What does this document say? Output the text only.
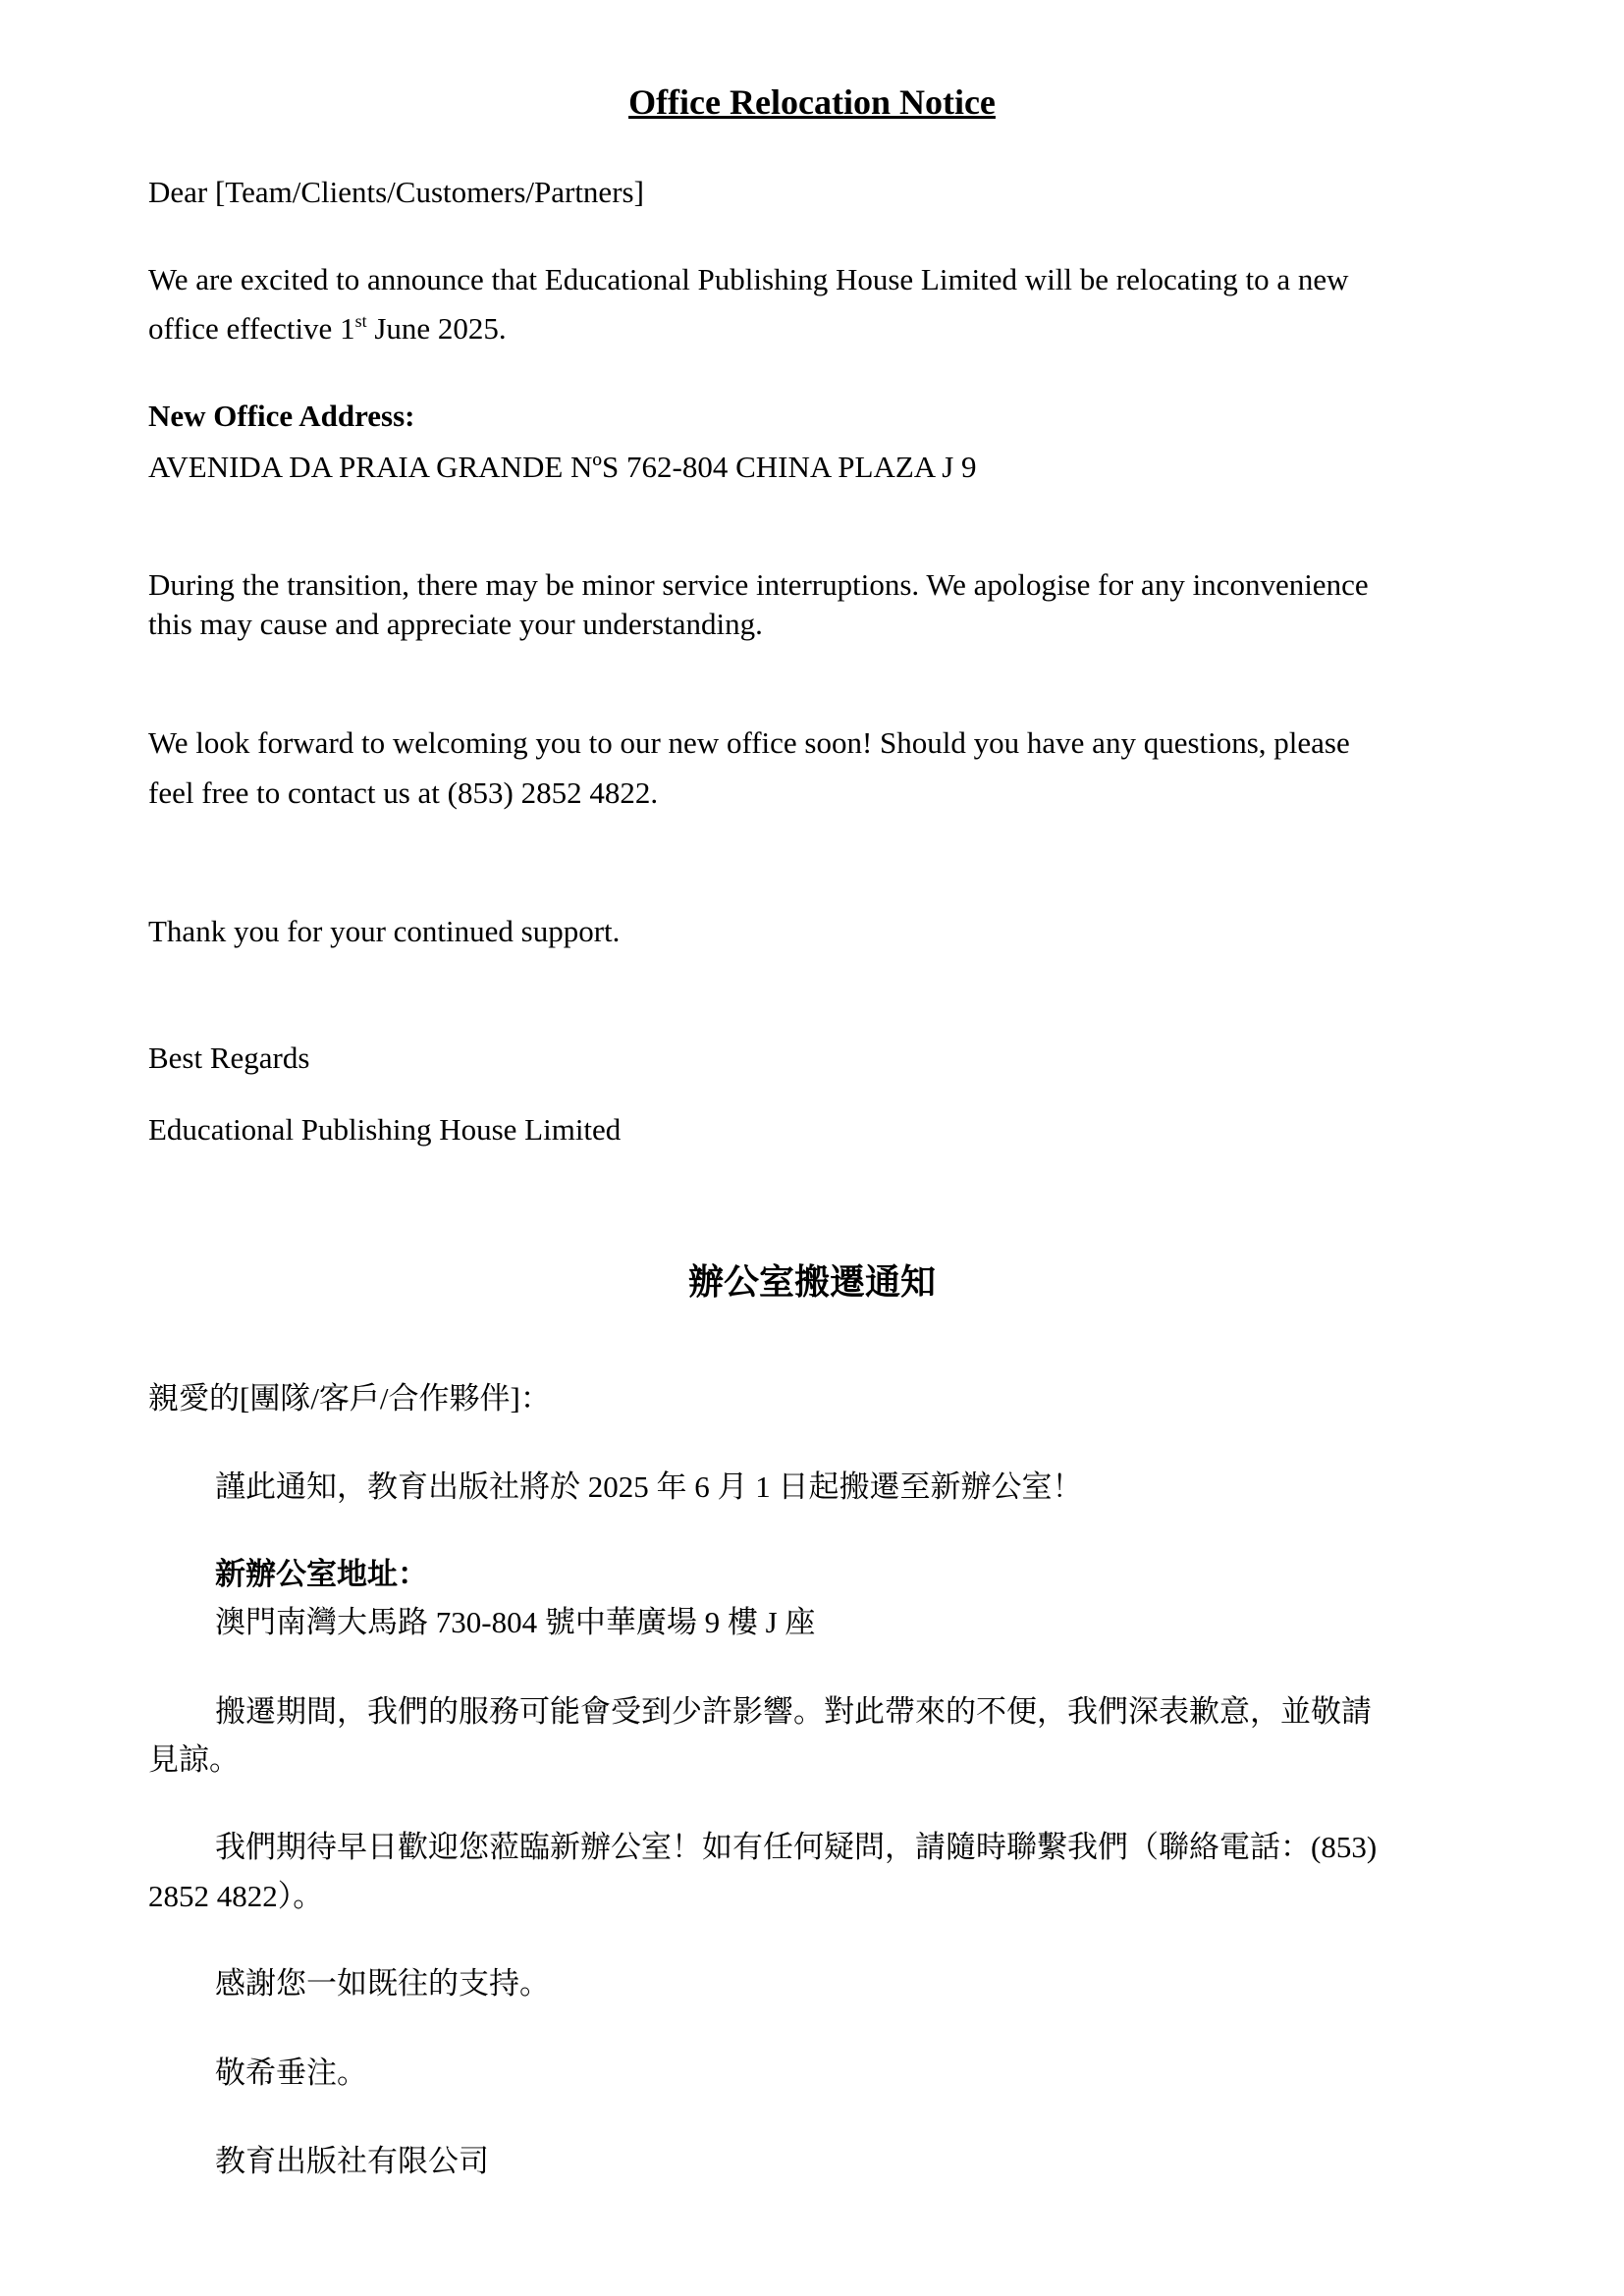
Office Relocation Notice

Dear [Team/Clients/Customers/Partners]

We are excited to announce that Educational Publishing House Limited will be relocating to a new

office effective 1st June 2025.

New Office Address:

AVENIDA DA PRAIA GRANDE NºS 762-804 CHINA PLAZA J 9

During the transition, there may be minor service interruptions. We apologise for any inconvenience

this may cause and appreciate your understanding.

We look forward to welcoming you to our new office soon! Should you have any questions, please

feel free to contact us at (853) 2852 4822.

Thank you for your continued support.

Best Regards

Educational Publishing House Limited

辦公室搬遷通知

親愛的[團隊/客戶/合作夥伴]：

謹此通知，教育出版社將於 2025 年 6 月 1 日起搬遷至新辦公室！

新辦公室地址：

澳門南灣大馬路 730-804 號中華廣場 9 樓 J 座

搬遷期間，我們的服務可能會受到少許影響。對此帶來的不便，我們深表歉意，並敬請

見諒。

我們期待早日歡迎您蒞臨新辦公室！如有任何疑問，請隨時聯繫我們（聯絡電話：(853)

2852 4822）。

感謝您一如既往的支持。

敬希垂注。

教育出版社有限公司
